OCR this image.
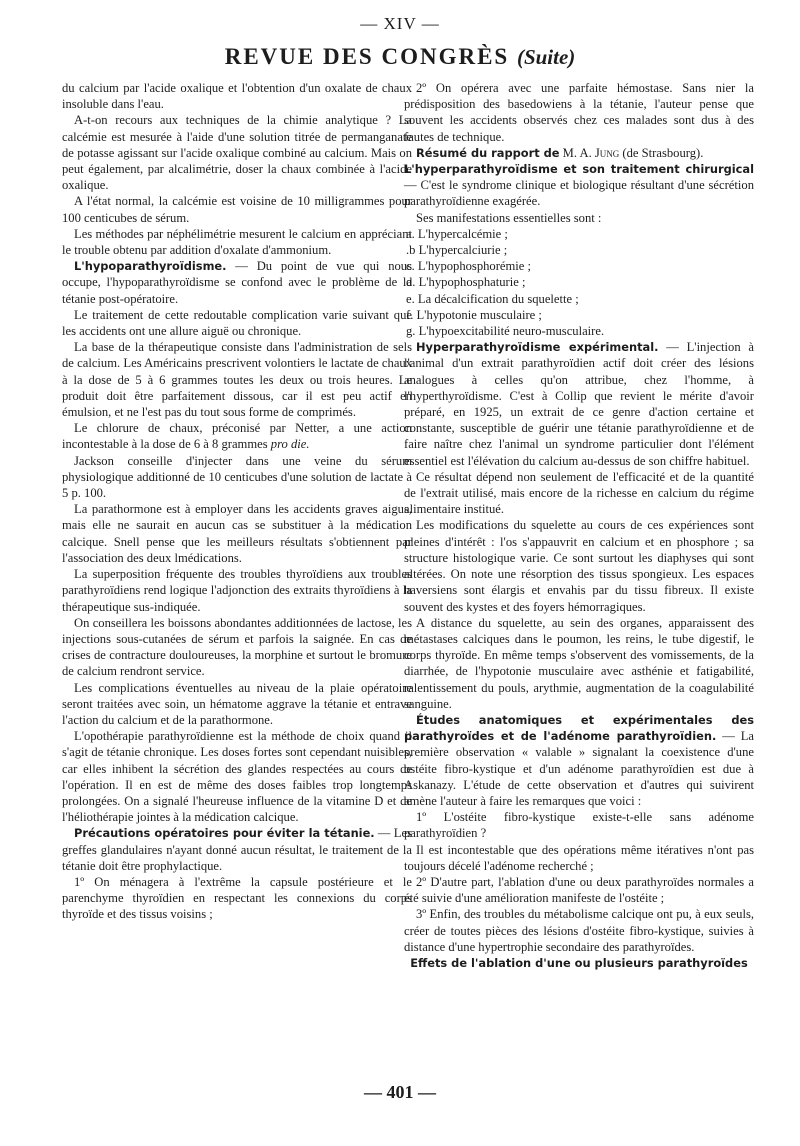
— XIV —
REVUE DES CONGRÈS (Suite)

du calcium par l'acide oxalique et l'obtention d'un oxalate de chaux insoluble dans l'eau.

A-t-on recours aux techniques de la chimie analytique ? La calcémie est mesurée à l'aide d'une solution titrée de permanganate de potasse agissant sur l'acide oxalique combiné au calcium. Mais on peut également, par alcalimétrie, doser la chaux combinée à l'acide oxalique.

A l'état normal, la calcémie est voisine de 10 milligrammes pour 100 centicubes de sérum.

Les méthodes par néphélimétrie mesurent le calcium en appréciant le trouble obtenu par addition d'oxalate d'ammonium.

L'hypoparathyroïdisme. — Du point de vue qui nous occupe, l'hypoparathyroïdisme se confond avec le problème de la tétanie post-opératoire.

Le traitement de cette redoutable complication varie suivant que les accidents ont une allure aiguë ou chronique.

La base de la thérapeutique consiste dans l'administration de sels de calcium. Les Américains prescrivent volontiers le lactate de chaux à la dose de 5 à 6 grammes toutes les deux ou trois heures. Le produit doit être parfaitement dissous, car il est peu actif en émulsion, et ne l'est pas du tout sous forme de comprimés.

Le chlorure de chaux, préconisé par Netter, a une action incontestable à la dose de 6 à 8 grammes pro die.

Jackson conseille d'injecter dans une veine du sérum physiologique additionné de 10 centicubes d'une solution de lactate à 5 p. 100.

La parathormone est à employer dans les accidents graves aigus, mais elle ne saurait en aucun cas se substituer à la médication calcique. Snell pense que les meilleurs résultats s'obtiennent par l'association des deux lmédications.

La superposition fréquente des troubles thyroïdiens aux troubles parathyroïdiens rend logique l'adjonction des extraits thyroïdiens à la thérapeutique sus-indiquée.

On conseillera les boissons abondantes additionnées de lactose, les injections sous-cutanées de sérum et parfois la saignée. En cas de crises de contracture douloureuses, la morphine et surtout le bromure de calcium rendront service.

Les complications éventuelles au niveau de la plaie opératoire seront traitées avec soin, un hématome aggrave la tétanie et entrave l'action du calcium et de la parathormone.

L'opothérapie parathyroïdienne est la méthode de choix quand il s'agit de tétanie chronique. Les doses fortes sont cependant nuisibles, car elles inhibent la sécrétion des glandes respectées au cours de l'opération. Il en est de même des doses faibles trop longtemps prolongées. On a signalé l'heureuse influence de la vitamine D et de l'héliothérapie jointes à la médication calcique.

Précautions opératoires pour éviter la tétanie. — Les greffes glandulaires n'ayant donné aucun résultat, le traitement de la tétanie doit être prophylactique.

1º On ménagera à l'extrême la capsule postérieure et le parenchyme thyroïdien en respectant les connexions du corps thyroïde et des tissus voisins ;

2º On opérera avec une parfaite hémostase. Sans nier la prédisposition des basedowiens à la tétanie, l'auteur pense que souvent les accidents observés chez ces malades sont dus à des fautes de technique.

Résumé du rapport de M. A. Jung (de Strasbourg).

L'hyperparathyroïdisme et son traitement chirurgical — C'est le syndrome clinique et biologique résultant d'une sécrétion parathyroïdienne exagérée.

Ses manifestations essentielles sont :

a. L'hypercalcémie ;

.b L'hypercalciurie ;

c. L'hypophosphorémie ;

d. L'hypophosphaturie ;

e. La décalcification du squelette ;

f. L'hypotonie musculaire ;

g. L'hypoexcitabilité neuro-musculaire.

Hyperparathyroïdisme expérimental. — L'injection à l'animal d'un extrait parathyroïdien actif doit créer des lésions analogues à celles qu'on attribue, chez l'homme, à l'hyperthyroïdisme. C'est à Collip que revient le mérite d'avoir préparé, en 1925, un extrait de ce genre d'action certaine et constante, susceptible de guérir une tétanie parathyroïdienne et de faire naître chez l'animal un syndrome particulier dont l'élément essentiel est l'élévation du calcium au-dessus de son chiffre habituel.

Ce résultat dépend non seulement de l'efficacité et de la quantité de l'extrait utilisé, mais encore de la richesse en calcium du régime alimentaire institué.

Les modifications du squelette au cours de ces expériences sont pleines d'intérêt : l'os s'appauvrit en calcium et en phosphore ; sa structure histologique varie. Ce sont surtout les diaphyses qui sont altérées. On note une résorption des tissus spongieux. Les espaces haversiens sont élargis et envahis par du tissu fibreux. Il existe souvent des kystes et des foyers hémorragiques.

A distance du squelette, au sein des organes, apparaissent des métastases calciques dans le poumon, les reins, le tube digestif, le corps thyroïde. En même temps s'observent des vomissements, de la diarrhée, de l'hypotonie musculaire avec asthénie et fatigabilité, ralentissement du pouls, arythmie, augmentation de la coagulabilité sanguine.

Études anatomiques et expérimentales des parathyroïdes et de l'adénome parathyroïdien. — La première observation « valable » signalant la coexistence d'une ostéite fibro-kystique et d'un adénome parathyroïdien est due à Askanazy. L'étude de cette observation et d'autres qui suivirent amène l'auteur à faire les remarques que voici :

1º L'ostéite fibro-kystique existe-t-elle sans adénome parathyroïdien ?

Il est incontestable que des opérations même itératives n'ont pas toujours décelé l'adénome recherché ;

2º D'autre part, l'ablation d'une ou deux parathyroïdes normales a été suivie d'une amélioration manifeste de l'ostéite ;

3º Enfin, des troubles du métabolisme calcique ont pu, à eux seuls, créer de toutes pièces des lésions d'ostéite fibro-kystique, suivies à distance d'une hypertrophie secondaire des parathyroïdes.

Effets de l'ablation d'une ou plusieurs parathyroïdes

— 401 —
